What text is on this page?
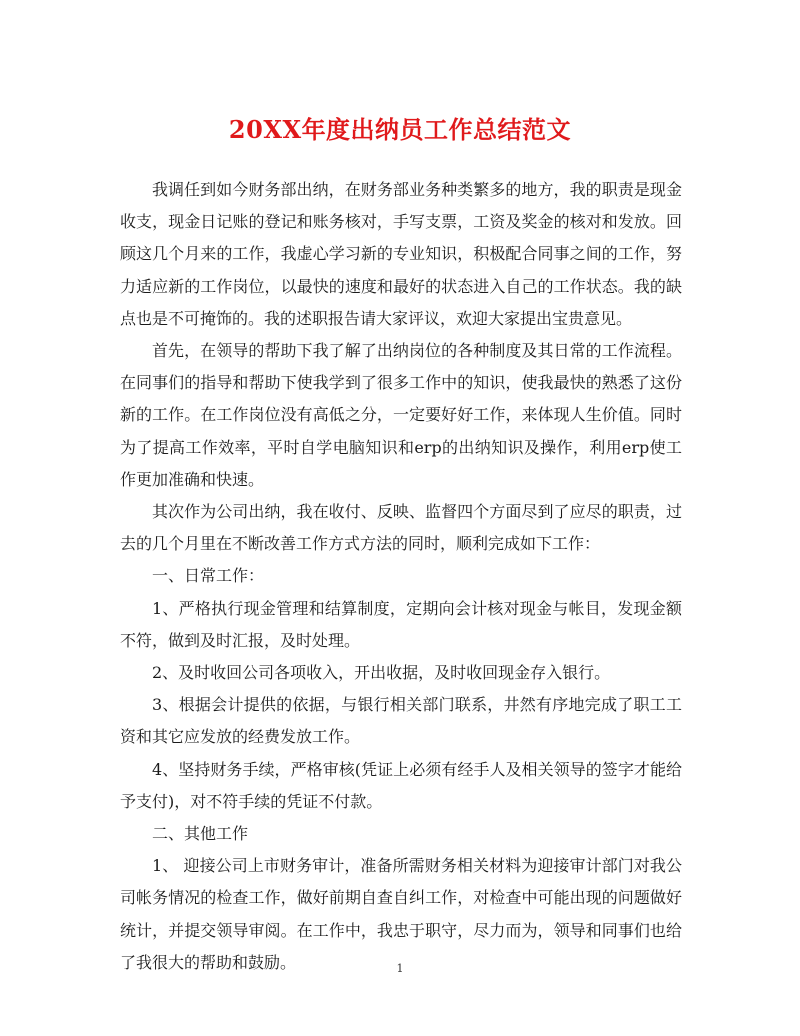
20XX年度出纳员工作总结范文

我调任到如今财务部出纳，在财务部业务种类繁多的地方，我的职责是现金收支，现金日记账的登记和账务核对，手写支票，工资及奖金的核对和发放。回顾这几个月来的工作，我虚心学习新的专业知识，积极配合同事之间的工作，努力适应新的工作岗位，以最快的速度和最好的状态进入自己的工作状态。我的缺点也是不可掩饰的。我的述职报告请大家评议，欢迎大家提出宝贵意见。

首先，在领导的帮助下我了解了出纳岗位的各种制度及其日常的工作流程。在同事们的指导和帮助下使我学到了很多工作中的知识，使我最快的熟悉了这份新的工作。在工作岗位没有高低之分，一定要好好工作，来体现人生价值。同时为了提高工作效率，平时自学电脑知识和erp的出纳知识及操作，利用erp使工作更加准确和快速。

其次作为公司出纳，我在收付、反映、监督四个方面尽到了应尽的职责，过去的几个月里在不断改善工作方式方法的同时，顺利完成如下工作：

一、日常工作：

1、严格执行现金管理和结算制度，定期向会计核对现金与帐目，发现金额不符，做到及时汇报，及时处理。

2、及时收回公司各项收入，开出收据，及时收回现金存入银行。

3、根据会计提供的依据，与银行相关部门联系，井然有序地完成了职工工资和其它应发放的经费发放工作。

4、坚持财务手续，严格审核(凭证上必须有经手人及相关领导的签字才能给予支付)，对不符手续的凭证不付款。

二、其他工作

1、 迎接公司上市财务审计，准备所需财务相关材料为迎接审计部门对我公司帐务情况的检查工作，做好前期自查自纠工作，对检查中可能出现的问题做好统计，并提交领导审阅。在工作中，我忠于职守，尽力而为，领导和同事们也给了我很大的帮助和鼓励。	1
